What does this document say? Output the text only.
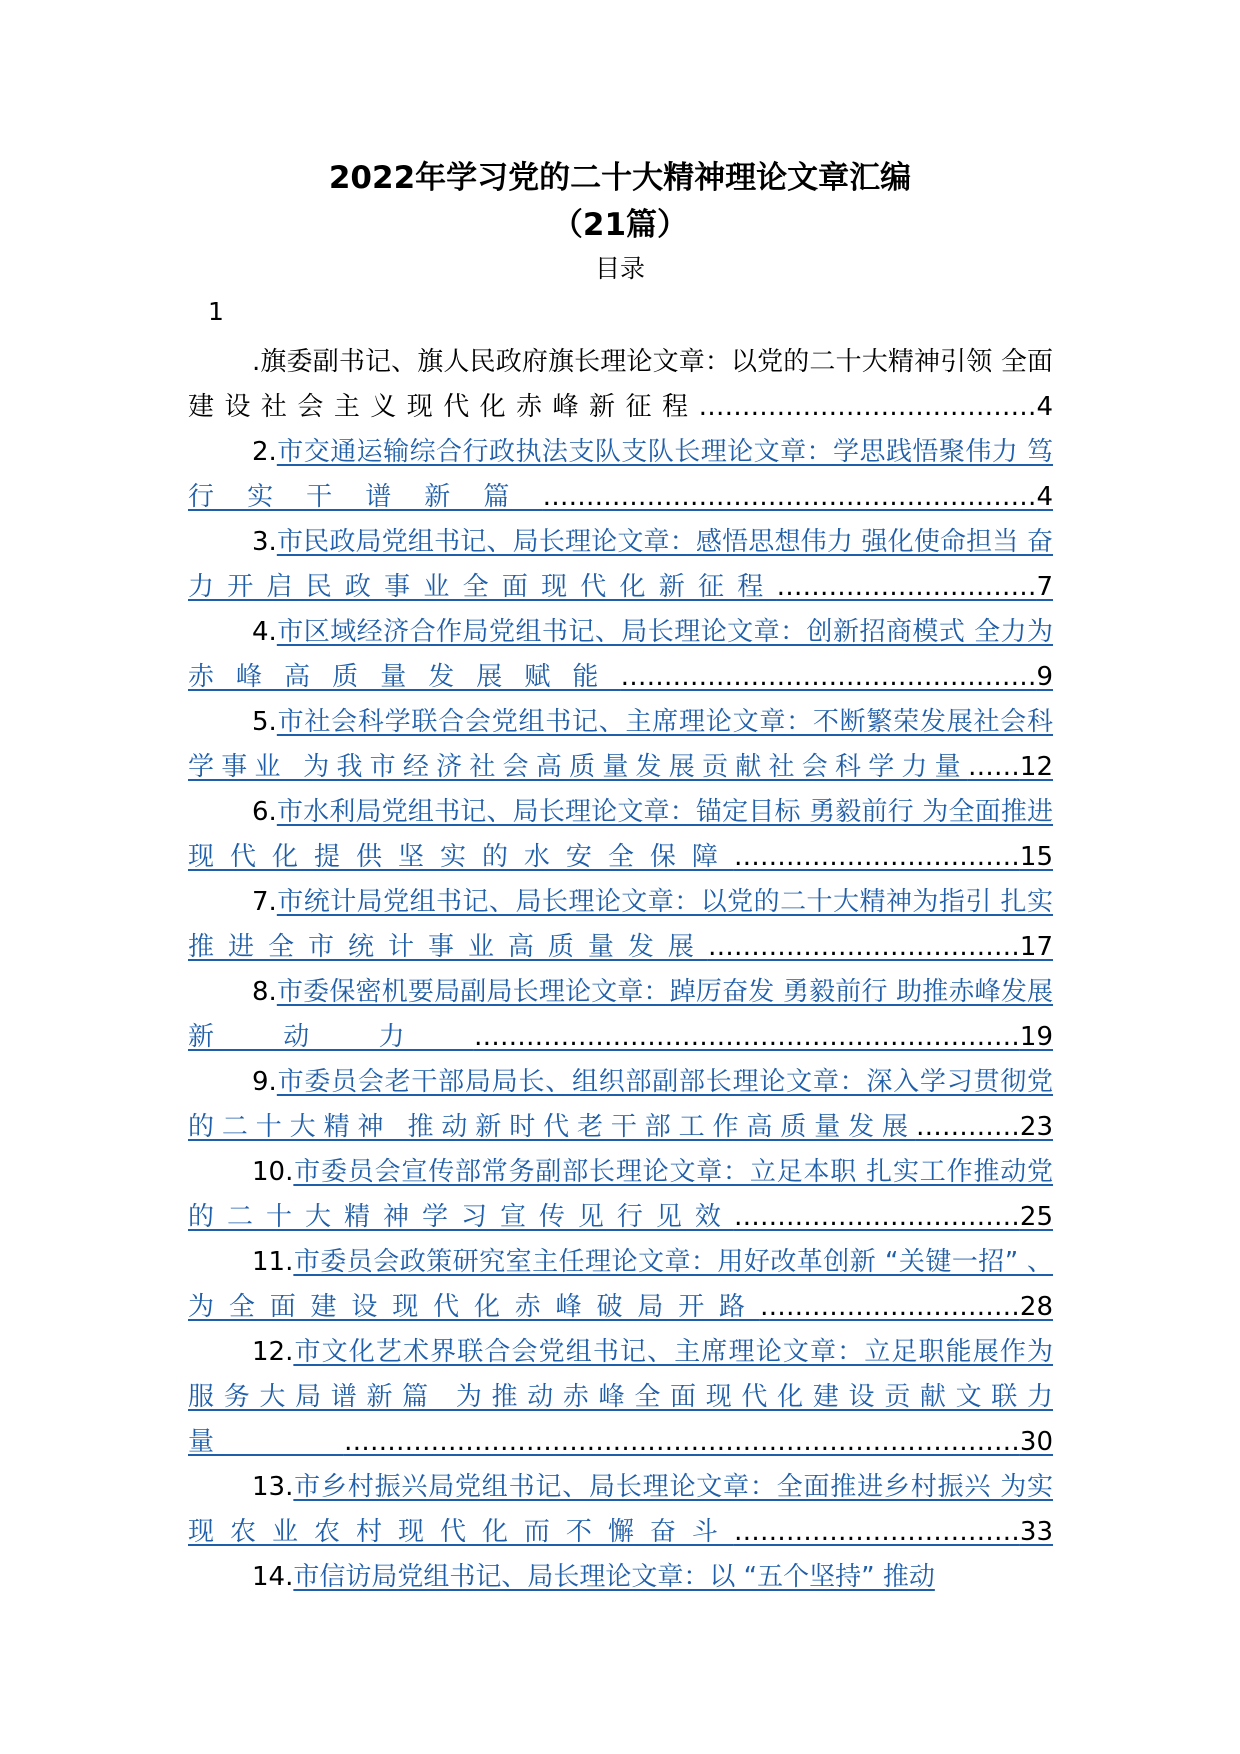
2022年学习党的二十大精神理论文章汇编
（21篇）
目录
1

.旗委副书记、旗人民政府旗长理论文章：以党的二十大精神引领 全面建设社会主义现代化赤峰新征程…………………………………4

2.市交通运输综合行政执法支队支队长理论文章：学思践悟聚伟力 笃行实干谱新篇…………………………………………………4

3.市民政局党组书记、局长理论文章：感悟思想伟力 强化使命担当 奋力开启民政事业全面现代化新征程…………………………7

4.市区域经济合作局党组书记、局长理论文章：创新招商模式 全力为赤峰高质量发展赋能…………………………………………9

5.市社会科学联合会党组书记、主席理论文章：不断繁荣发展社会科学事业 为我市经济社会高质量发展贡献社会科学力量……12

6.市水利局党组书记、局长理论文章：锚定目标 勇毅前行 为全面推进现代化提供坚实的水安全保障……………………………15

7.市统计局党组书记、局长理论文章：以党的二十大精神为指引 扎实推进全市统计事业高质量发展………………………………17

8.市委保密机要局副局长理论文章：踔厉奋发 勇毅前行 助推赤峰发展新动力………………………………………………………19

9.市委员会老干部局局长、组织部副部长理论文章：深入学习贯彻党的二十大精神 推动新时代老干部工作高质量发展…………23

10.市委员会宣传部常务副部长理论文章：立足本职 扎实工作推动党的二十大精神学习宣传见行见效……………………………25

11.市委员会政策研究室主任理论文章：用好改革创新 “关键一招” 、为全面建设现代化赤峰破局开路…………………………28

12.市文化艺术界联合会党组书记、主席理论文章：立足职能展作为 服务大局谱新篇 为推动赤峰全面现代化建设贡献文联力量……………………………………………………………………30

13.市乡村振兴局党组书记、局长理论文章：全面推进乡村振兴 为实现农业农村现代化而不懈奋斗……………………………33

14.市信访局党组书记、局长理论文章：以 “五个坚持” 推动
